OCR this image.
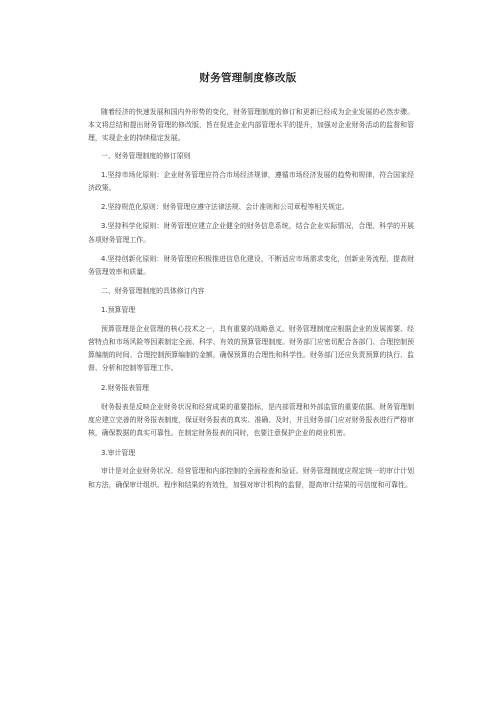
财务管理制度修改版

随着经济的快速发展和国内外形势的变化，财务管理制度的修订和更新已经成为企业发展的必然步骤。本文将总结和提出财务管理的修改版，旨在促进企业内部管理水平的提升，加强对企业财务活动的监督和管理，实现企业的持续稳定发展。

一、财务管理制度的修订原则

1.坚持市场化原则：企业财务管理应符合市场经济规律，遵循市场经济发展的趋势和规律，符合国家经济政策。

2.坚持规范化原则：财务管理应遵守法律法规、会计准则和公司章程等相关规定。

3.坚持科学化原则：财务管理应建立企业健全的财务信息系统，结合企业实际情况，合理、科学的开展各项财务管理工作。

4.坚持创新化原则：财务管理应积极推进信息化建设，不断适应市场需求变化，创新业务流程，提高财务管理效率和质量。

二、财务管理制度的具体修订内容

1.预算管理

预算管理是企业管理的核心技术之一，具有重要的战略意义。财务管理制度应根据企业的发展需要、经营特点和市场风险等因素制定全面、科学、有效的预算管理制度。财务部门应密切配合各部门、合理控制预算编制的时间、合理控制预算编制的金额，确保预算的合理性和科学性。财务部门还应负责预算的执行、监督、分析和控制等管理工作。

2.财务报表管理

财务报表是反映企业财务状况和经营成果的重要指标，是内部管理和外部监管的重要依据。财务管理制度应建立完善的财务报表制度，保证财务报表的真实、准确、及时，并且财务部门应对财务报表进行严格审核，确保数据的真实可靠性。在制定财务报表的同时，也要注意保护企业的商业机密。

3.审计管理

审计是对企业财务状况、经营管理和内部控制的全面检查和验证。财务管理制度应规定统一的审计计划和方法，确保审计组织、程序和结果的有效性，加强对审计机构的监督，提高审计结果的可信度和可靠性。
